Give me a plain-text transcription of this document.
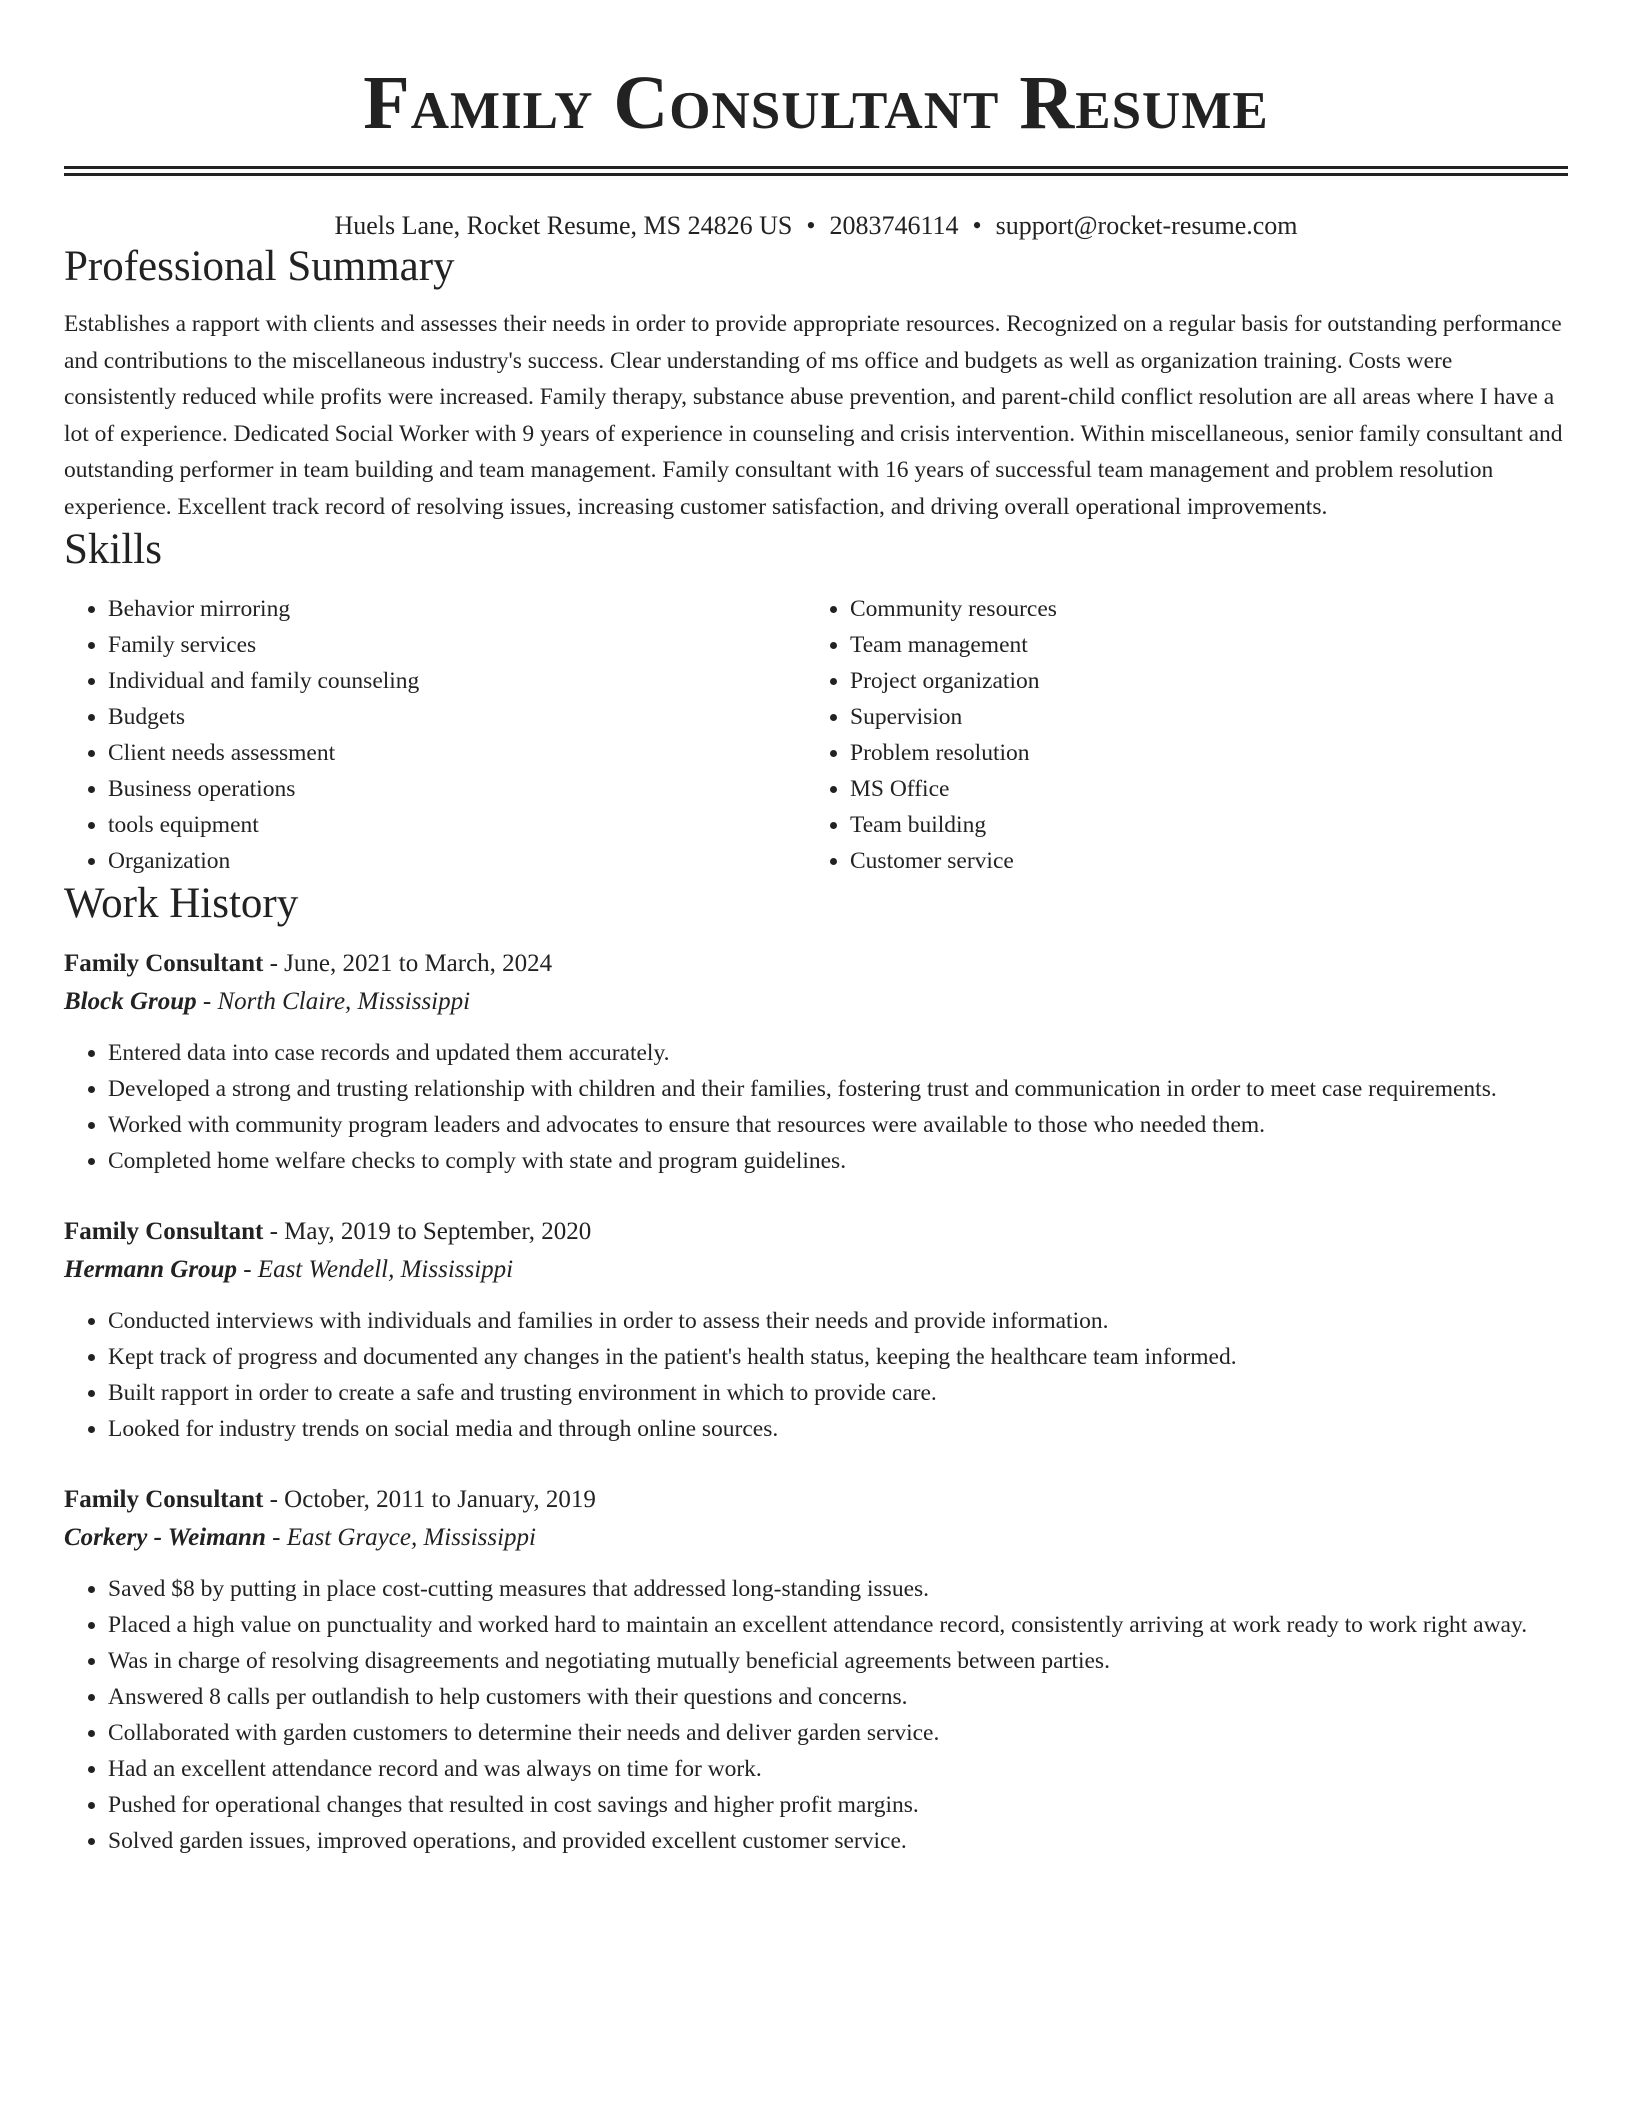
Family Consultant Resume
Huels Lane, Rocket Resume, MS 24826 US • 2083746114 • support@rocket-resume.com
Professional Summary

Establishes a rapport with clients and assesses their needs in order to provide appropriate resources. Recognized on a regular basis for outstanding performance and contributions to the miscellaneous industry's success. Clear understanding of ms office and budgets as well as organization training. Costs were consistently reduced while profits were increased. Family therapy, substance abuse prevention, and parent-child conflict resolution are all areas where I have a lot of experience. Dedicated Social Worker with 9 years of experience in counseling and crisis intervention. Within miscellaneous, senior family consultant and outstanding performer in team building and team management. Family consultant with 16 years of successful team management and problem resolution experience. Excellent track record of resolving issues, increasing customer satisfaction, and driving overall operational improvements.

Skills
• Behavior mirroring
• Family services
• Individual and family counseling
• Budgets
• Client needs assessment
• Business operations
• tools equipment
• Organization
• Community resources
• Team management
• Project organization
• Supervision
• Problem resolution
• MS Office
• Team building
• Customer service
Work History
Family Consultant - June, 2021 to March, 2024
Block Group - North Claire, Mississippi
• Entered data into case records and updated them accurately.
• Developed a strong and trusting relationship with children and their families, fostering trust and communication in order to meet case requirements.
• Worked with community program leaders and advocates to ensure that resources were available to those who needed them.
• Completed home welfare checks to comply with state and program guidelines.
Family Consultant - May, 2019 to September, 2020
Hermann Group - East Wendell, Mississippi
• Conducted interviews with individuals and families in order to assess their needs and provide information.
• Kept track of progress and documented any changes in the patient's health status, keeping the healthcare team informed.
• Built rapport in order to create a safe and trusting environment in which to provide care.
• Looked for industry trends on social media and through online sources.
Family Consultant - October, 2011 to January, 2019
Corkery - Weimann - East Grayce, Mississippi
• Saved $8 by putting in place cost-cutting measures that addressed long-standing issues.
• Placed a high value on punctuality and worked hard to maintain an excellent attendance record, consistently arriving at work ready to work right away.
• Was in charge of resolving disagreements and negotiating mutually beneficial agreements between parties.
• Answered 8 calls per outlandish to help customers with their questions and concerns.
• Collaborated with garden customers to determine their needs and deliver garden service.
• Had an excellent attendance record and was always on time for work.
• Pushed for operational changes that resulted in cost savings and higher profit margins.
• Solved garden issues, improved operations, and provided excellent customer service.
